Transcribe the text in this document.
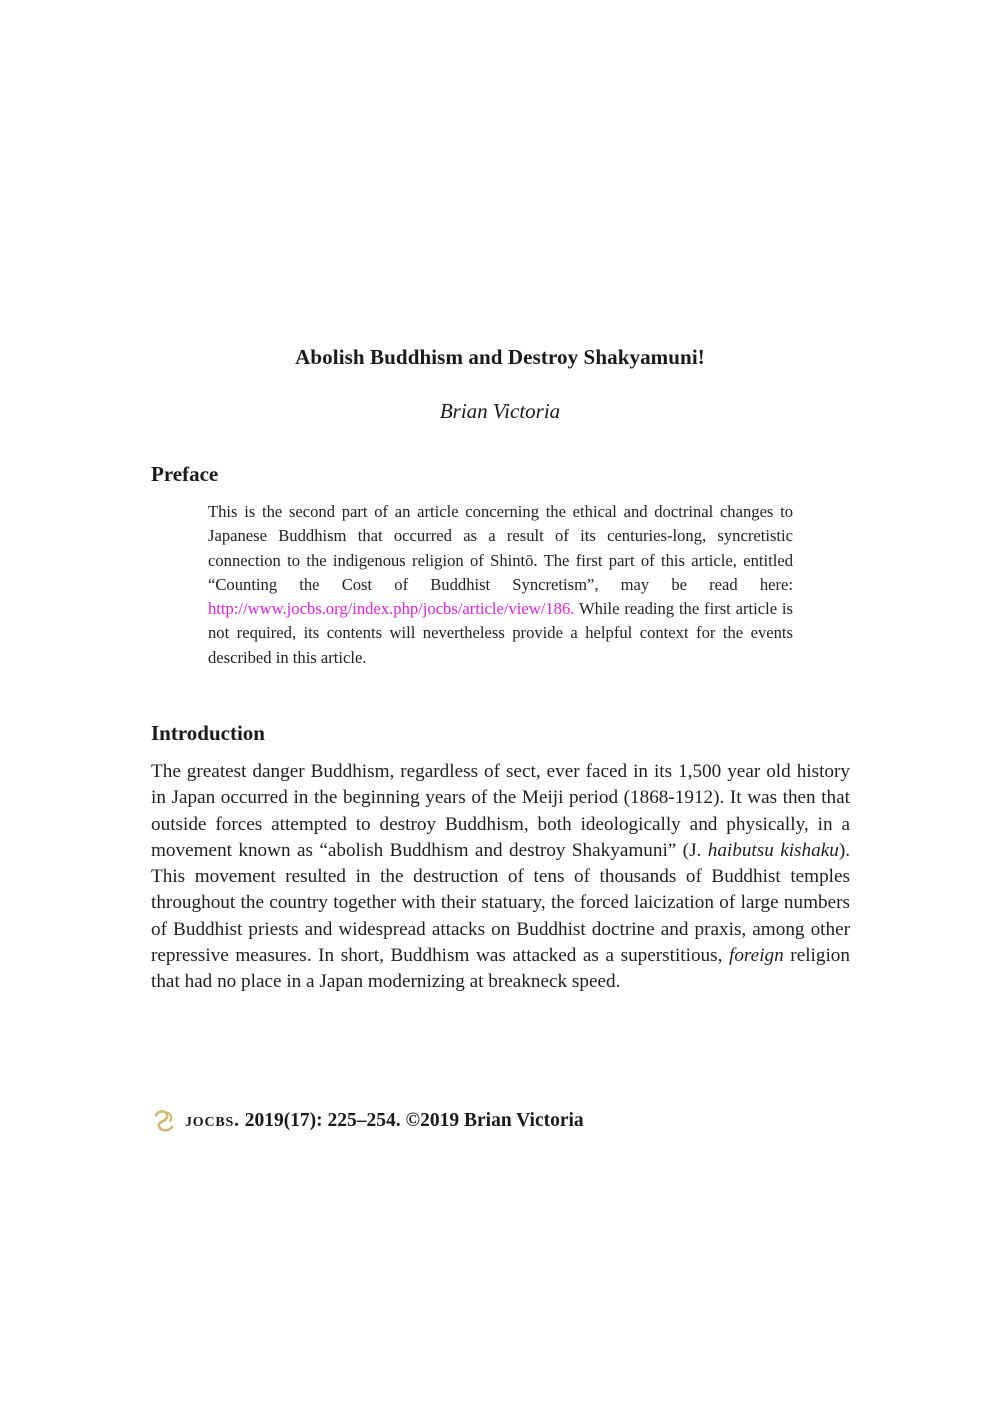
Abolish Buddhism and Destroy Shakyamuni!
Brian Victoria
Preface
This is the second part of an article concerning the ethical and doctrinal changes to Japanese Buddhism that occurred as a result of its centuries-long, syncretistic connection to the indigenous religion of Shintō. The first part of this article, entitled “Counting the Cost of Buddhist Syncretism”, may be read here: http://www.jocbs.org/index.php/jocbs/article/view/186. While reading the first article is not required, its contents will nevertheless provide a helpful context for the events described in this article.
Introduction
The greatest danger Buddhism, regardless of sect, ever faced in its 1,500 year old history in Japan occurred in the beginning years of the Meiji period (1868-1912). It was then that outside forces attempted to destroy Buddhism, both ideologically and physically, in a movement known as “abolish Buddhism and destroy Shakyamuni” (J. haibutsu kishaku). This movement resulted in the destruction of tens of thousands of Buddhist temples throughout the country together with their statuary, the forced laicization of large numbers of Buddhist priests and widespread attacks on Buddhist doctrine and praxis, among other repressive measures. In short, Buddhism was attacked as a superstitious, foreign religion that had no place in a Japan modernizing at breakneck speed.
jocbs.
2019(17): 225–254. ©2019 Brian Victoria
